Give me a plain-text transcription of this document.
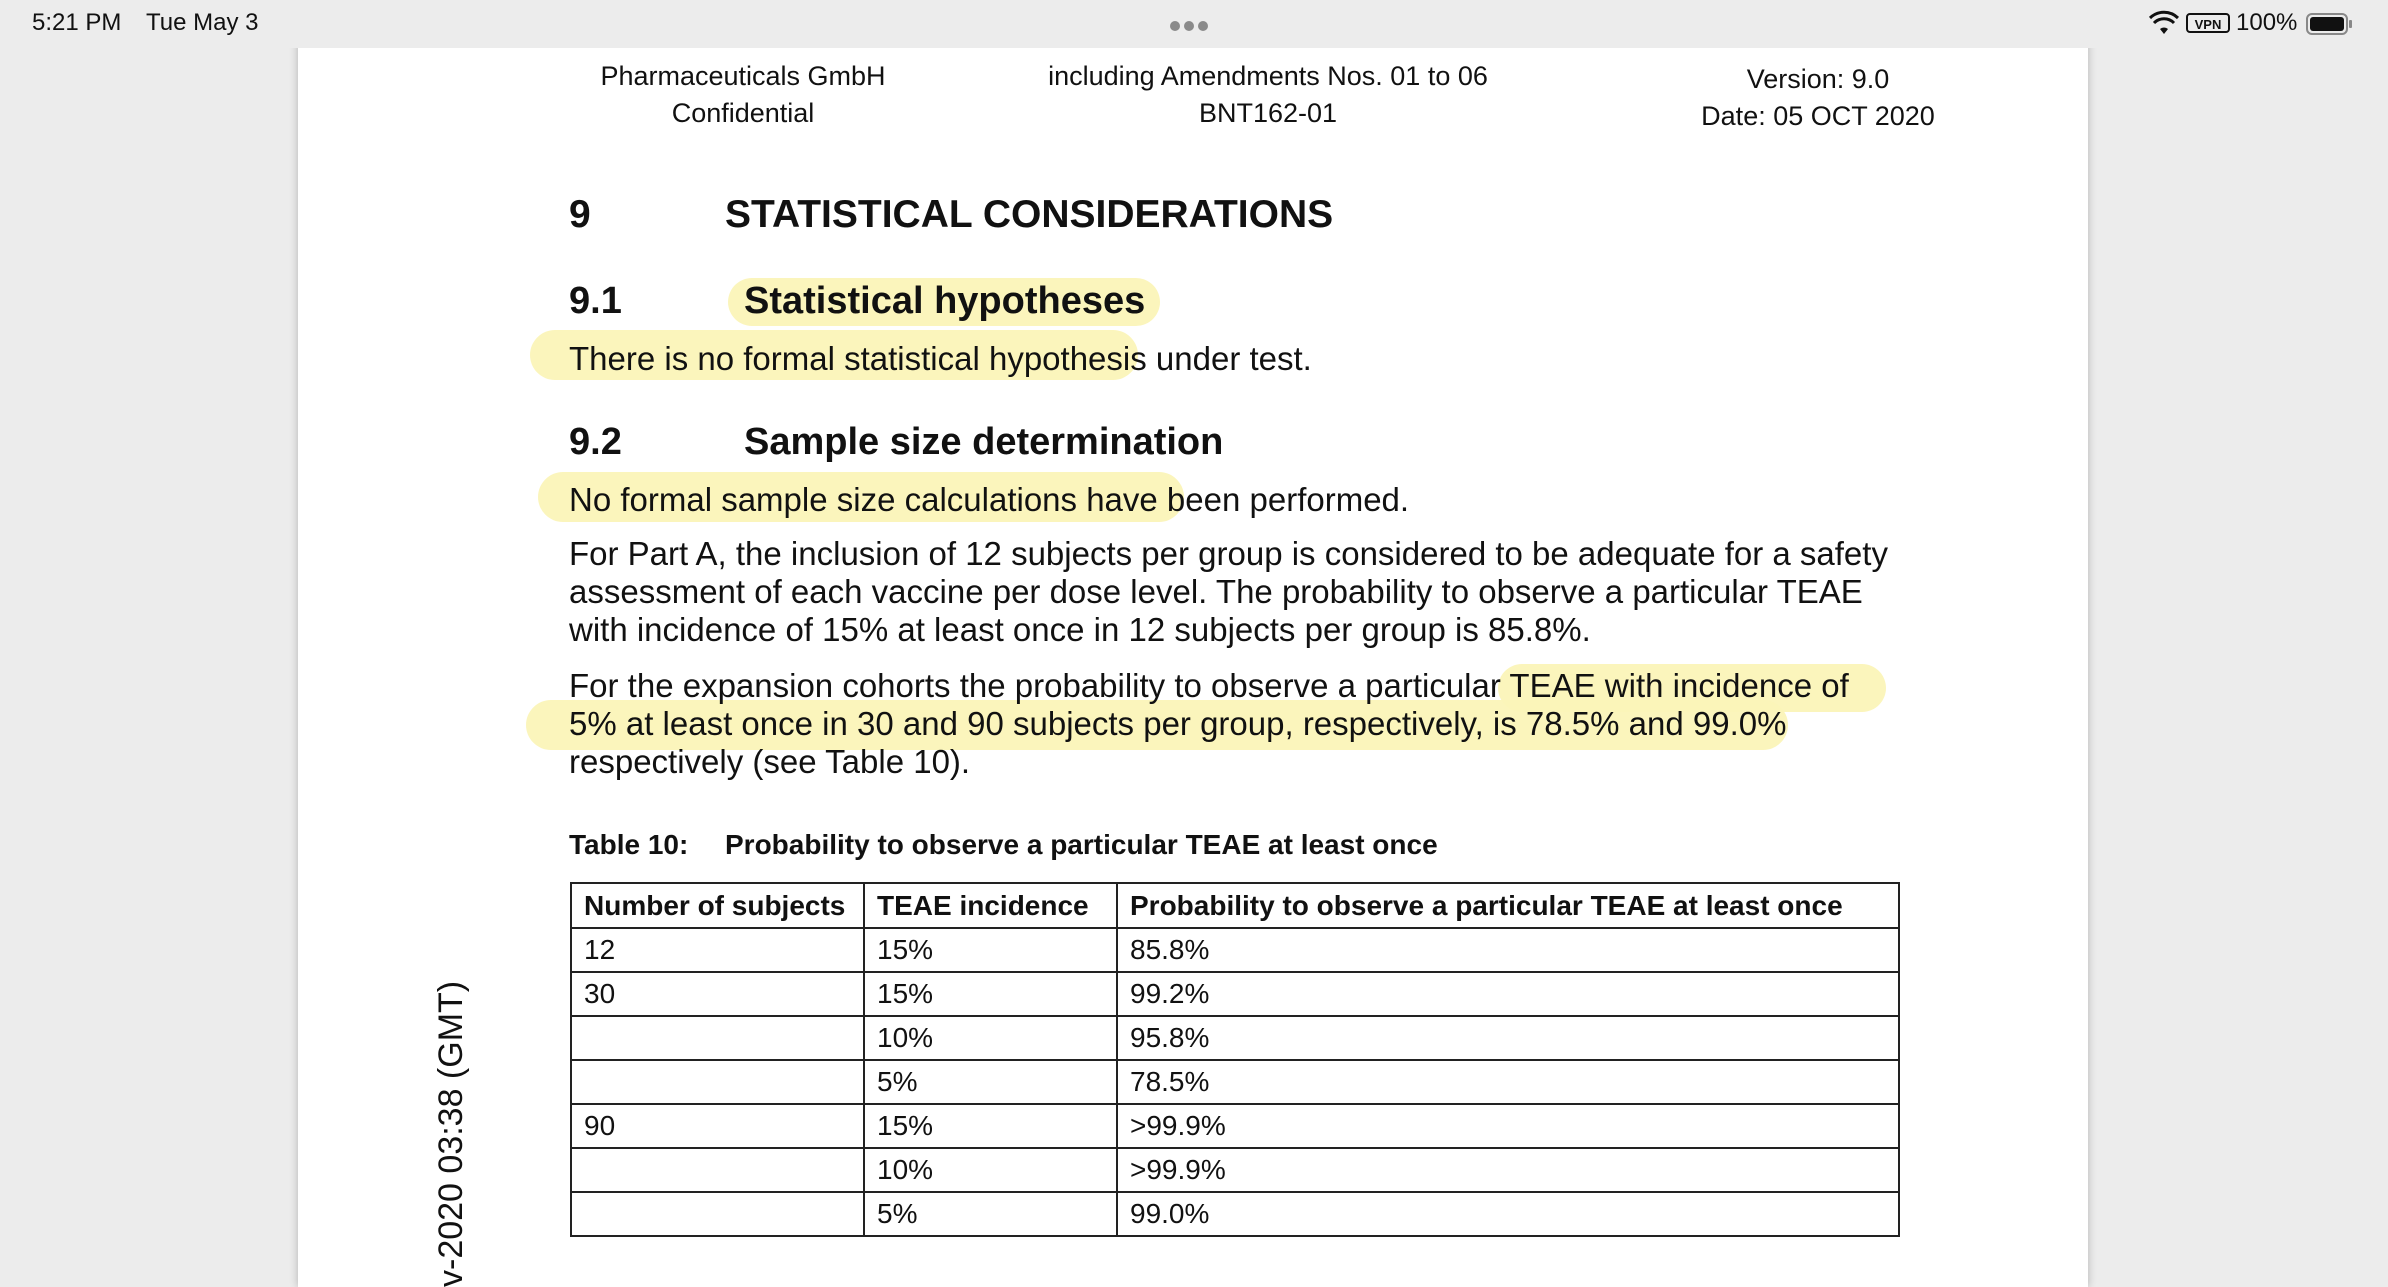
5:21 PM Tue May 3	VPN 100%
Pharmaceuticals GmbH
Confidential
including Amendments Nos. 01 to 06
BNT162-01
Version: 9.0
Date: 05 OCT 2020
9	STATISTICAL CONSIDERATIONS
9.1	Statistical hypotheses
There is no formal statistical hypothesis under test.
9.2	Sample size determination
No formal sample size calculations have been performed.
For Part A, the inclusion of 12 subjects per group is considered to be adequate for a safety
assessment of each vaccine per dose level. The probability to observe a particular TEAE
with incidence of 15% at least once in 12 subjects per group is 85.8%.
For the expansion cohorts the probability to observe a particular TEAE with incidence of
5% at least once in 30 and 90 subjects per group, respectively, is 78.5% and 99.0%
respectively (see Table 10).
Table 10: Probability to observe a particular TEAE at least once
Number of subjects	TEAE incidence	Probability to observe a particular TEAE at least once
12	15%	85.8%
30	15%	99.2%
	10%	95.8%
	5%	78.5%
90	15%	>99.9%
	10%	>99.9%
	5%	99.0%
v-2020 03:38 (GMT)
